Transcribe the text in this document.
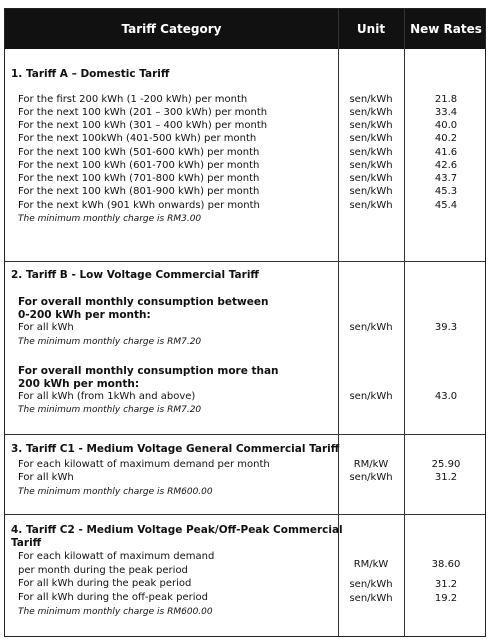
Tariff Category	Unit	New Rates
1. Tariff A – Domestic Tariff
For the first 200 kWh (1 -200 kWh) per month	sen/kWh	21.8
For the next 100 kWh (201 – 300 kWh) per month	sen/kWh	33.4
For the next 100 kWh (301 – 400 kWh) per month	sen/kWh	40.0
For the next 100kWh (401-500 kWh) per month	sen/kWh	40.2
For the next 100 kWh (501-600 kWh) per month	sen/kWh	41.6
For the next 100 kWh (601-700 kWh) per month	sen/kWh	42.6
For the next 100 kWh (701-800 kWh) per month	sen/kWh	43.7
For the next 100 kWh (801-900 kWh) per month	sen/kWh	45.3
For the next kWh (901 kWh onwards) per month	sen/kWh	45.4
The minimum monthly charge is RM3.00
2. Tariff B - Low Voltage Commercial Tariff
For overall monthly consumption between
0-200 kWh per month:
For all kWh	sen/kWh	39.3
The minimum monthly charge is RM7.20
For overall monthly consumption more than
200 kWh per month:
For all kWh (from 1kWh and above)	sen/kWh	43.0
The minimum monthly charge is RM7.20
3. Tariff C1 - Medium Voltage General Commercial Tariff
For each kilowatt of maximum demand per month	RM/kW	25.90
For all kWh	sen/kWh	31.2
The minimum monthly charge is RM600.00
4. Tariff C2 - Medium Voltage Peak/Off-Peak Commercial
Tariff
For each kilowatt of maximum demand
per month during the peak period
RM/kW	38.60
For all kWh during the peak period	sen/kWh	31.2
For all kWh during the off-peak period	sen/kWh	19.2
The minimum monthly charge is RM600.00
